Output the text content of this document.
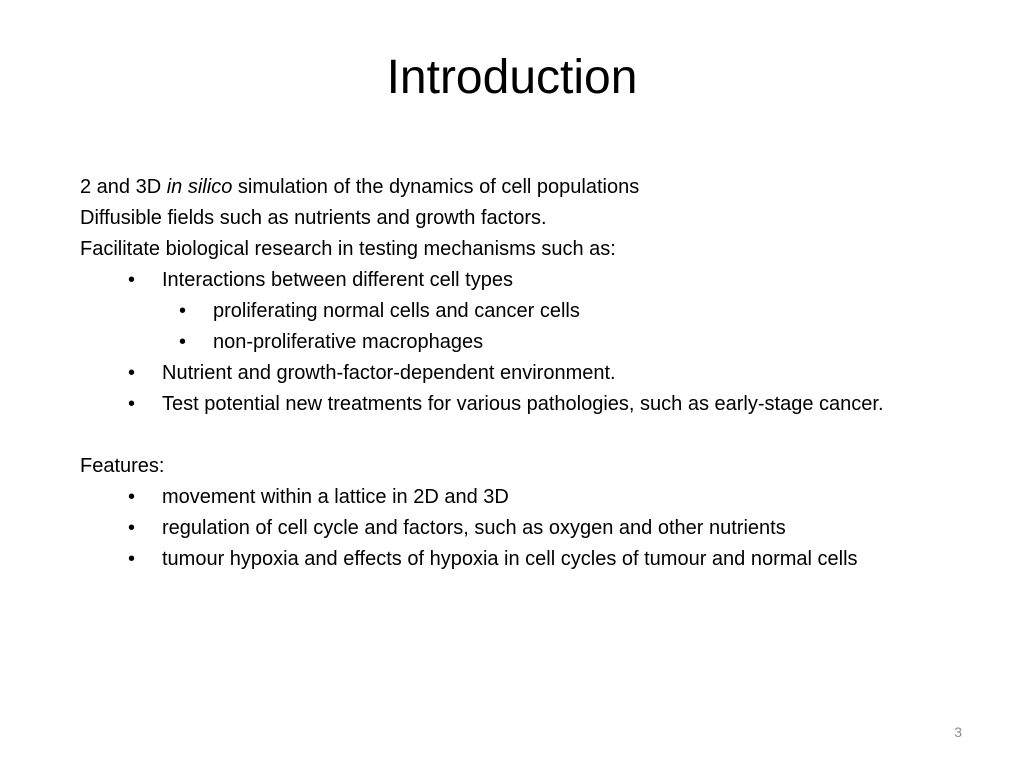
Introduction
2 and 3D in silico simulation of the dynamics of cell populations
Diffusible fields such as nutrients and growth factors.
Facilitate biological research in testing mechanisms such as:
•	Interactions between different cell types
•	proliferating normal cells and cancer cells
•	non-proliferative macrophages
•	Nutrient and growth-factor-dependent environment.
•	Test potential new treatments for various pathologies, such as early-stage cancer.
Features:
•	movement within a lattice in 2D and 3D
•	regulation of cell cycle and factors, such as oxygen and other nutrients
•	tumour hypoxia and effects of hypoxia in cell cycles of tumour and normal cells
3
